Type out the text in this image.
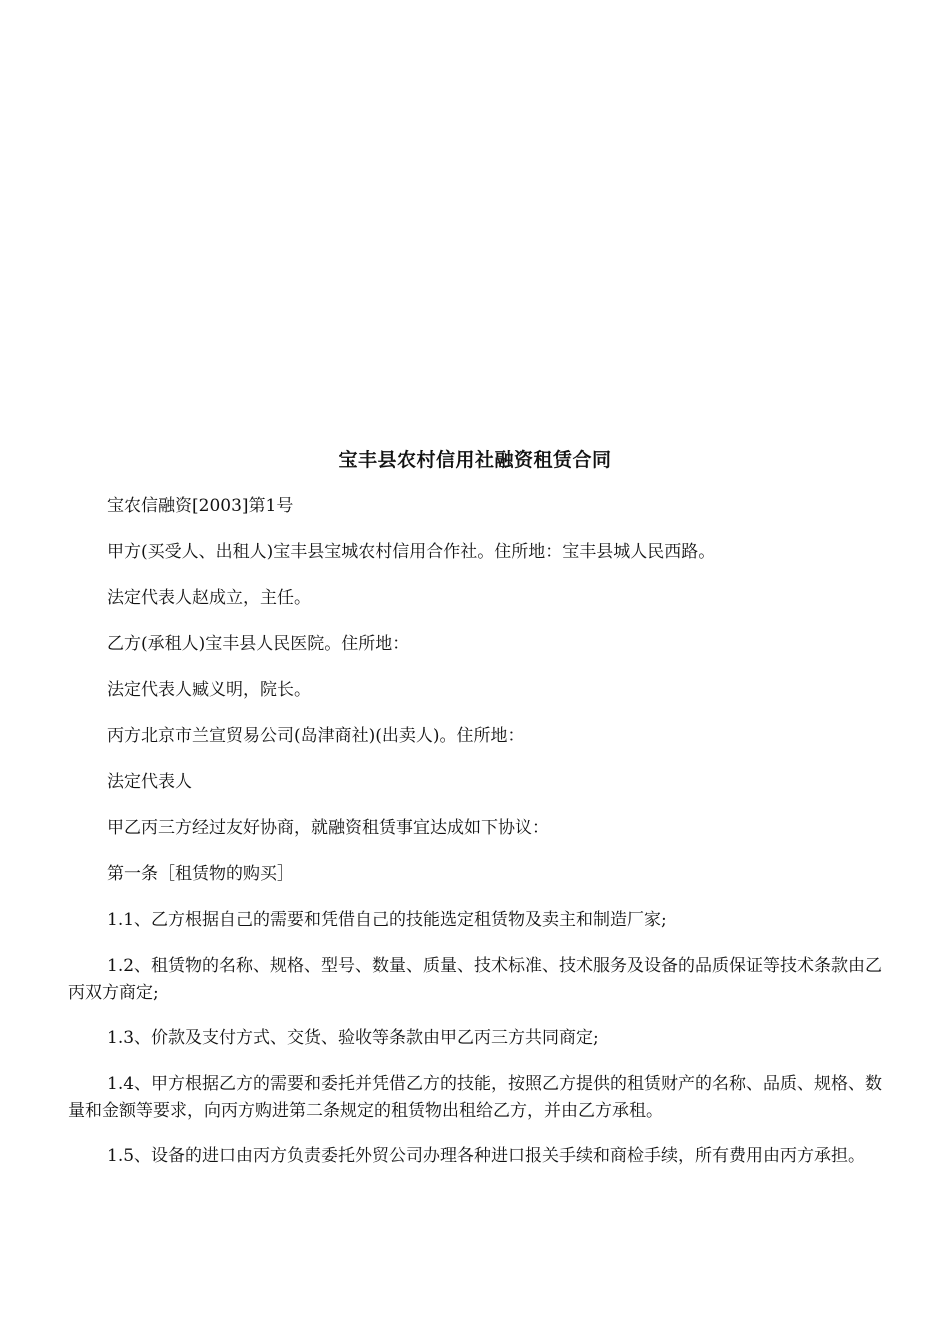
宝丰县农村信用社融资租赁合同

宝农信融资[2003]第1号

甲方(买受人、出租人)宝丰县宝城农村信用合作社。住所地：宝丰县城人民西路。

法定代表人赵成立，主任。

乙方(承租人)宝丰县人民医院。住所地：

法定代表人臧义明，院长。

丙方北京市兰宣贸易公司(岛津商社)(出卖人)。住所地：

法定代表人

甲乙丙三方经过友好协商，就融资租赁事宜达成如下协议：

第一条［租赁物的购买］

1.1、乙方根据自己的需要和凭借自己的技能选定租赁物及卖主和制造厂家;

1.2、租赁物的名称、规格、型号、数量、质量、技术标准、技术服务及设备的品质保证等技术条款由乙丙双方商定;

1.3、价款及支付方式、交货、验收等条款由甲乙丙三方共同商定;

1.4、甲方根据乙方的需要和委托并凭借乙方的技能，按照乙方提供的租赁财产的名称、品质、规格、数量和金额等要求，向丙方购进第二条规定的租赁物出租给乙方，并由乙方承租。

1.5、设备的进口由丙方负责委托外贸公司办理各种进口报关手续和商检手续，所有费用由丙方承担。
